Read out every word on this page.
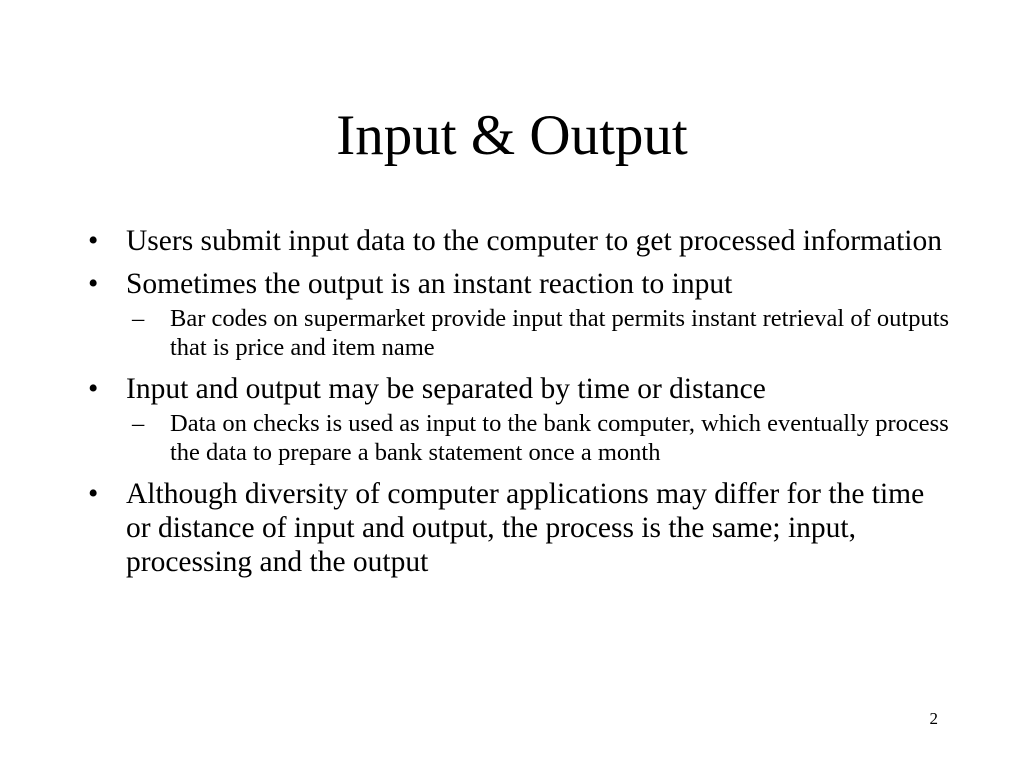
Input & Output
• Users submit input data to the computer to get processed information
• Sometimes the output is an instant reaction to input
–	Bar codes on supermarket provide input that permits instant retrieval of outputs that is price and item name
• Input and output may be separated by time or distance
–	Data on checks is used as input to the bank computer, which eventually process the data to prepare a bank statement once a month
• Although diversity of computer applications may differ for the time or distance of input and output, the process is the same; input, processing and the output
2
